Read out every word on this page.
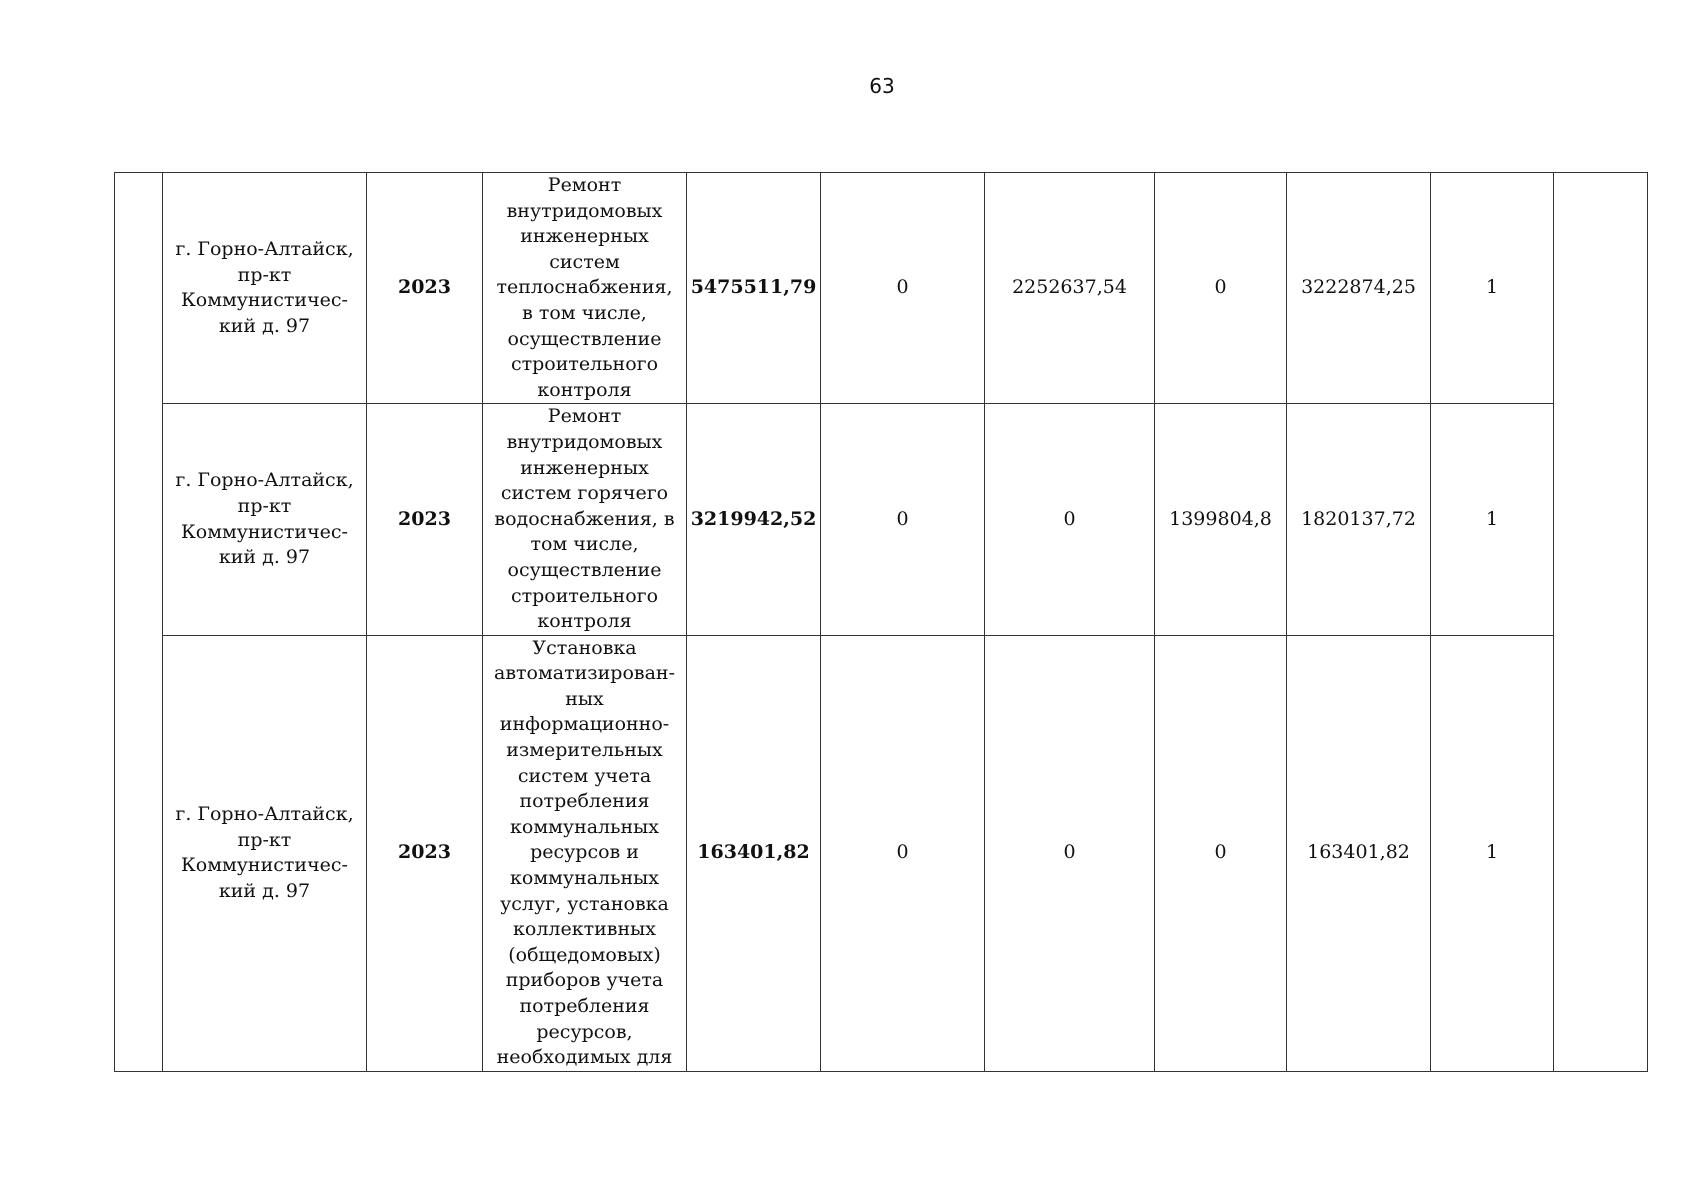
63
	г. Горно-Алтайск, пр-кт Коммунистичес-кий д. 97	2023	Ремонт внутридомовых инженерных систем теплоснабжения, в том числе, осуществление строительного контроля	5475511,79	0	2252637,54	0	3222874,25	1	
	г. Горно-Алтайск, пр-кт Коммунистичес-кий д. 97	2023	Ремонт внутридомовых инженерных систем горячего водоснабжения, в том числе, осуществление строительного контроля	3219942,52	0	0	1399804,8	1820137,72	1	
	г. Горно-Алтайск, пр-кт Коммунистичес-кий д. 97	2023	Установка автоматизирован-ных информационно-измерительных систем учета потребления коммунальных ресурсов и коммунальных услуг, установка коллективных (общедомовых) приборов учета потребления ресурсов, необходимых для	163401,82	0	0	0	163401,82	1	
